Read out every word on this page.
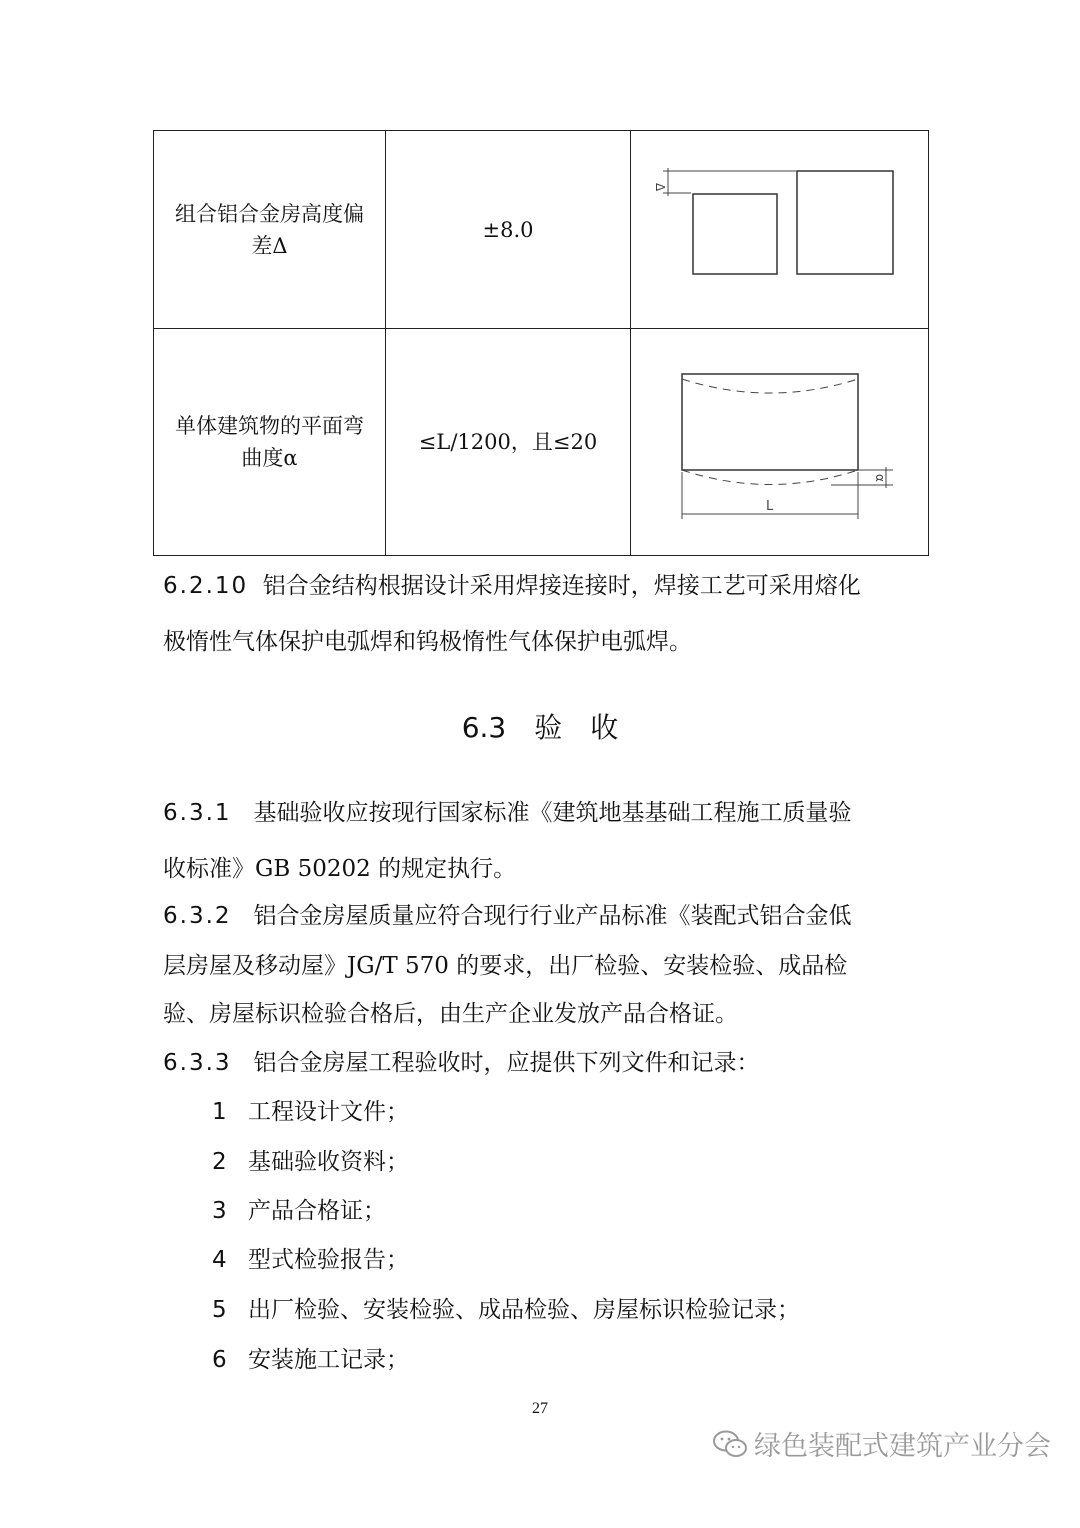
组合铝合金房高度偏差Δ	±8.0	Δ

单体建筑物的平面弯曲度α	≤L/1200，且≤20	α
L
6.2.10 铝合金结构根据设计采用焊接连接时，焊接工艺可采用熔化
极惰性气体保护电弧焊和钨极惰性气体保护电弧焊。
6.3 验　收
6.3.1 基础验收应按现行国家标准《建筑地基基础工程施工质量验
收标准》GB 50202 的规定执行。
6.3.2 铝合金房屋质量应符合现行行业产品标准《装配式铝合金低
层房屋及移动屋》JG/T 570 的要求，出厂检验、安装检验、成品检
验、房屋标识检验合格后，由生产企业发放产品合格证。
6.3.3 铝合金房屋工程验收时，应提供下列文件和记录：
1 工程设计文件；
2 基础验收资料；
3 产品合格证；
4 型式检验报告；
5 出厂检验、安装检验、成品检验、房屋标识检验记录；
6 安装施工记录；
27
绿色装配式建筑产业分会
